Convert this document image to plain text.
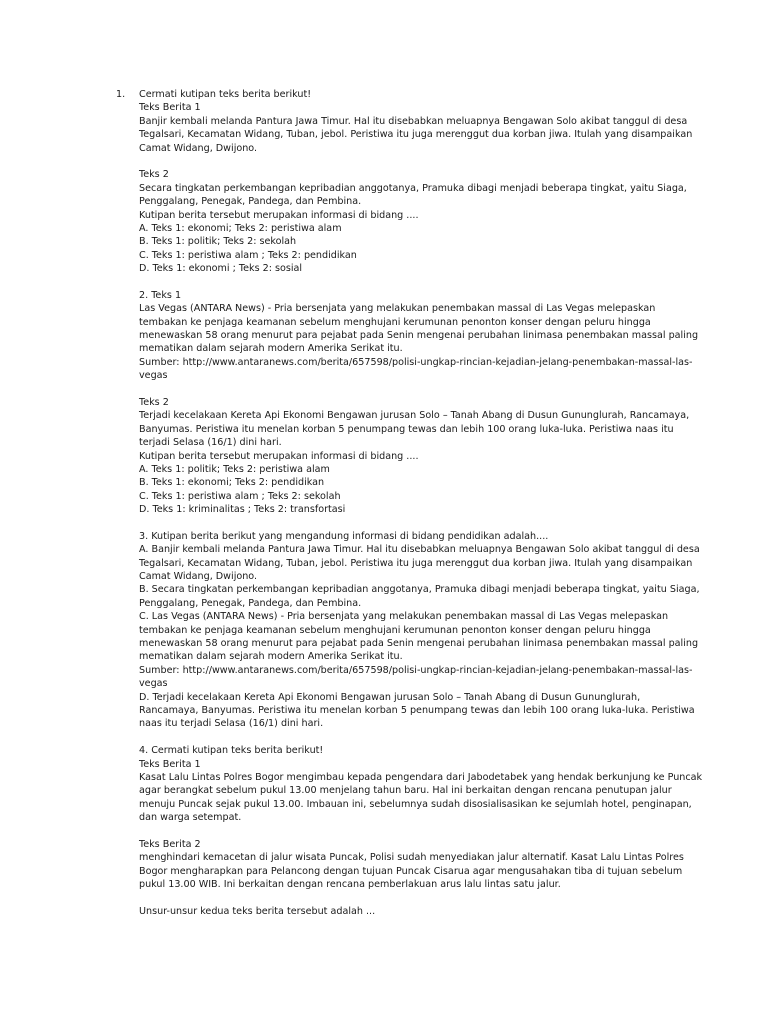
1. Cermati kutipan teks berita berikut!
Teks Berita 1
Banjir kembali melanda Pantura Jawa Timur. Hal itu disebabkan meluapnya Bengawan Solo akibat tanggul di desa
Tegalsari, Kecamatan Widang, Tuban, jebol. Peristiwa itu juga merenggut dua korban jiwa. Itulah yang disampaikan
Camat Widang, Dwijono.
Teks 2
Secara tingkatan perkembangan kepribadian anggotanya, Pramuka dibagi menjadi beberapa tingkat, yaitu Siaga,
Penggalang, Penegak, Pandega, dan Pembina.
Kutipan berita tersebut merupakan informasi di bidang ....
A. Teks 1: ekonomi; Teks 2: peristiwa alam
B. Teks 1: politik; Teks 2: sekolah
C. Teks 1: peristiwa alam ; Teks 2: pendidikan
D. Teks 1: ekonomi ; Teks 2: sosial
2. Teks 1
Las Vegas (ANTARA News) - Pria bersenjata yang melakukan penembakan massal di Las Vegas melepaskan
tembakan ke penjaga keamanan sebelum menghujani kerumunan penonton konser dengan peluru hingga
menewaskan 58 orang menurut para pejabat pada Senin mengenai perubahan linimasa penembakan massal paling
mematikan dalam sejarah modern Amerika Serikat itu.
Sumber: http://www.antaranews.com/berita/657598/polisi-ungkap-rincian-kejadian-jelang-penembakan-massal-las-
vegas
Teks 2
Terjadi kecelakaan Kereta Api Ekonomi Bengawan jurusan Solo – Tanah Abang di Dusun Gununglurah, Rancamaya,
Banyumas. Peristiwa itu menelan korban 5 penumpang tewas dan lebih 100 orang luka-luka. Peristiwa naas itu
terjadi Selasa (16/1) dini hari.
Kutipan berita tersebut merupakan informasi di bidang ....
A. Teks 1: politik; Teks 2: peristiwa alam
B. Teks 1: ekonomi; Teks 2: pendidikan
C. Teks 1: peristiwa alam ; Teks 2: sekolah
D. Teks 1: kriminalitas ; Teks 2: transfortasi
3. Kutipan berita berikut yang mengandung informasi di bidang pendidikan adalah....
A. Banjir kembali melanda Pantura Jawa Timur. Hal itu disebabkan meluapnya Bengawan Solo akibat tanggul di desa
Tegalsari, Kecamatan Widang, Tuban, jebol. Peristiwa itu juga merenggut dua korban jiwa. Itulah yang disampaikan
Camat Widang, Dwijono.
B. Secara tingkatan perkembangan kepribadian anggotanya, Pramuka dibagi menjadi beberapa tingkat, yaitu Siaga,
Penggalang, Penegak, Pandega, dan Pembina.
C. Las Vegas (ANTARA News) - Pria bersenjata yang melakukan penembakan massal di Las Vegas melepaskan
tembakan ke penjaga keamanan sebelum menghujani kerumunan penonton konser dengan peluru hingga
menewaskan 58 orang menurut para pejabat pada Senin mengenai perubahan linimasa penembakan massal paling
mematikan dalam sejarah modern Amerika Serikat itu.
Sumber: http://www.antaranews.com/berita/657598/polisi-ungkap-rincian-kejadian-jelang-penembakan-massal-las-
vegas
D. Terjadi kecelakaan Kereta Api Ekonomi Bengawan jurusan Solo – Tanah Abang di Dusun Gununglurah,
Rancamaya, Banyumas. Peristiwa itu menelan korban 5 penumpang tewas dan lebih 100 orang luka-luka. Peristiwa
naas itu terjadi Selasa (16/1) dini hari.
4. Cermati kutipan teks berita berikut!
Teks Berita 1
Kasat Lalu Lintas Polres Bogor mengimbau kepada pengendara dari Jabodetabek yang hendak berkunjung ke Puncak
agar berangkat sebelum pukul 13.00 menjelang tahun baru. Hal ini berkaitan dengan rencana penutupan jalur
menuju Puncak sejak pukul 13.00. Imbauan ini, sebelumnya sudah disosialisasikan ke sejumlah hotel, penginapan,
dan warga setempat.
Teks Berita 2
menghindari kemacetan di jalur wisata Puncak, Polisi sudah menyediakan jalur alternatif. Kasat Lalu Lintas Polres
Bogor mengharapkan para Pelancong dengan tujuan Puncak Cisarua agar mengusahakan tiba di tujuan sebelum
pukul 13.00 WIB. Ini berkaitan dengan rencana pemberlakuan arus lalu lintas satu jalur.
Unsur-unsur kedua teks berita tersebut adalah ...
